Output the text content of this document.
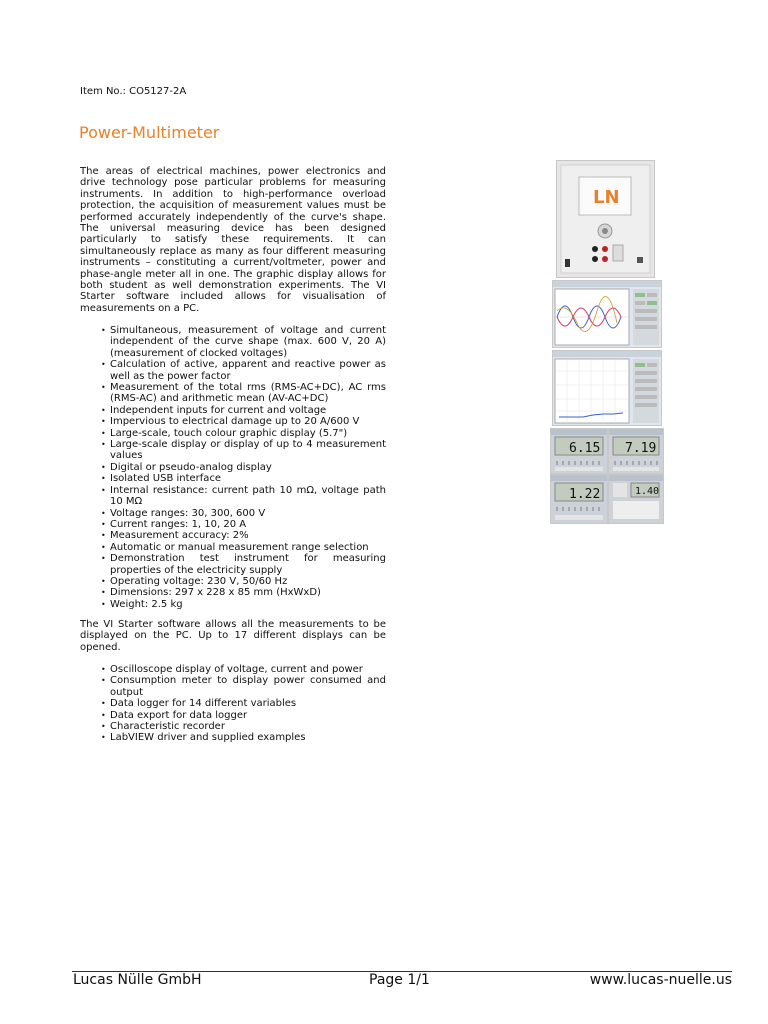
Item No.: CO5127-2A
Power-Multimeter

The areas of electrical machines, power electronics and drive technology pose particular problems for measuring instruments. In addition to high-performance overload protection, the acquisition of measurement values must be performed accurately independently of the curve's shape. The universal measuring device has been designed particularly to satisfy these requirements. It can simultaneously replace as many as four different measuring instruments – constituting a current/voltmeter, power and phase-angle meter all in one. The graphic display allows for both student as well demonstration experiments. The VI Starter software included allows for visualisation of measurements on a PC.

• Simultaneous, measurement of voltage and current independent of the curve shape (max. 600 V, 20 A) (measurement of clocked voltages)
• Calculation of active, apparent and reactive power as well as the power factor
• Measurement of the total rms (RMS-AC+DC), AC rms (RMS-AC) and arithmetic mean (AV-AC+DC)
• Independent inputs for current and voltage
• Impervious to electrical damage up to 20 A/600 V
• Large-scale, touch colour graphic display (5.7")
• Large-scale display or display of up to 4 measurement values
• Digital or pseudo-analog display
• Isolated USB interface
• Internal resistance: current path 10 mΩ, voltage path 10 MΩ
• Voltage ranges: 30, 300, 600 V
• Current ranges: 1, 10, 20 A
• Measurement accuracy: 2%
• Automatic or manual measurement range selection
• Demonstration test instrument for measuring properties of the electricity supply
• Operating voltage: 230 V, 50/60 Hz
• Dimensions: 297 x 228 x 85 mm (HxWxD)
• Weight: 2.5 kg

The VI Starter software allows all the measurements to be displayed on the PC. Up to 17 different displays can be opened.

• Oscilloscope display of voltage, current and power
• Consumption meter to display power consumed and output
• Data logger for 14 different variables
• Data export for data logger
• Characteristic recorder
• LabVIEW driver and supplied examples
LN
6.15 7.19
1.22	1.40
Lucas Nülle GmbH	Page 1/1	www.lucas-nuelle.us
